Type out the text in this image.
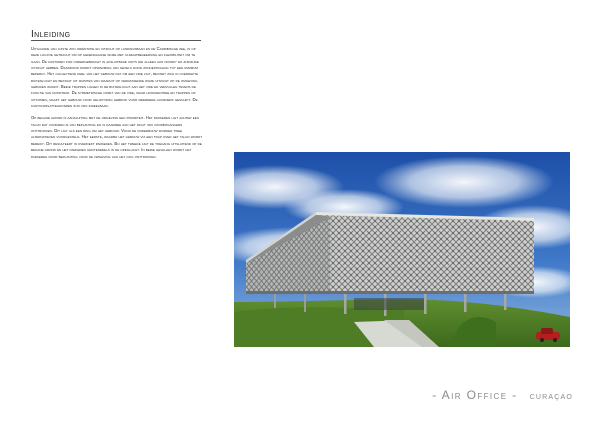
Inleiding

Uitgaande van juiste zon oriëntatie en uitzicht op landingsbaan en de Carribische zee, is op deze locatie getracht om op hedendaagse wijze met klimaatbeheersing en flexibiliteit om te gaan. De kantoren zijn ondergebracht in afsluitbare units die alleen aan noord- en zuidzijde uitzicht hebben. Daardoor wordt opwarming van gevels door zonnestraling tot een minimum beperkt. Het collectieve deel van het gebouw dat om een vide ligt, bevindt zich in overdekte buitenlucht en bestaat uit ruimtes van waaruit op verrassende wijze uitzicht op de omgeving geboden wordt. Beide trappen liggen in de buitenlucht aan het vide en vervullen tevens de functie van noodtrap. De symmetrische opzet van de vide, waar hoofdentree en trappen op uitkomen, maakt het gebouw voor gelijktijdig gebruik voor meerdere huurders geschikt. De kantoorplattegronden zijn vrij indeelbaar.

Op begane grond is aansluiting met de omgeving een prioriteit. Het parkeren ligt achter een talud dat voorzien is van beplanting en is daarmee aan het zicht van voorbijgangers onttrokken. Dit ligt als een ring om het gebouw. Voor de onderbouw worden twee alternatieven voorgesteld. Het eerste, waarbij het gebouw via een trap over het talud wordt bereikt. Dit resulteert in overdekt parkeren. Bij het tweede ligt de toegang uitsluitend op de begane grond en het parkeren grotendeels in de openlucht. In beide gevallen wordt het parkeren door beplanting voor de omgeving aan het oog onttrokken.

- Air Office - curaçao
